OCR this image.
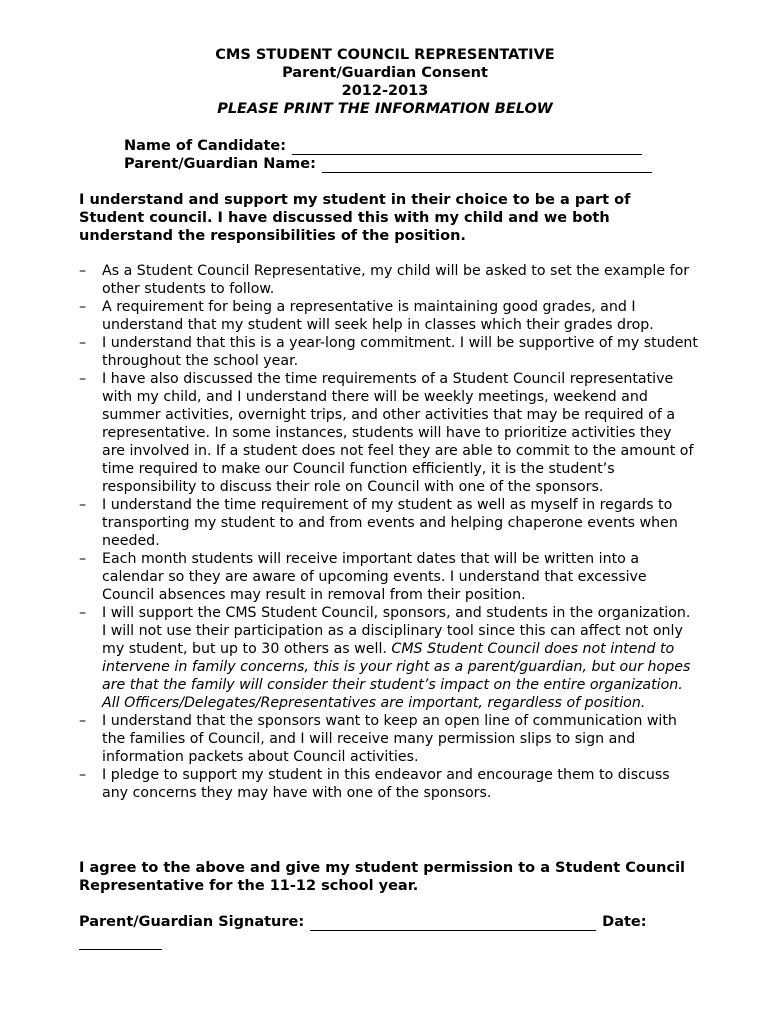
CMS STUDENT COUNCIL REPRESENTATIVE
Parent/Guardian Consent
2012-2013
PLEASE PRINT THE INFORMATION BELOW
Name of Candidate:
Parent/Guardian Name:
I understand and support my student in their choice to be a part of Student council. I have discussed this with my child and we both understand the responsibilities of the position.
– As a Student Council Representative, my child will be asked to set the example for other students to follow.
– A requirement for being a representative is maintaining good grades, and I understand that my student will seek help in classes which their grades drop.
– I understand that this is a year-long commitment. I will be supportive of my student throughout the school year.
– I have also discussed the time requirements of a Student Council representative with my child, and I understand there will be weekly meetings, weekend and summer activities, overnight trips, and other activities that may be required of a representative. In some instances, students will have to prioritize activities they are involved in. If a student does not feel they are able to commit to the amount of time required to make our Council function efficiently, it is the student’s responsibility to discuss their role on Council with one of the sponsors.
– I understand the time requirement of my student as well as myself in regards to transporting my student to and from events and helping chaperone events when needed.
– Each month students will receive important dates that will be written into a calendar so they are aware of upcoming events. I understand that excessive Council absences may result in removal from their position.
– I will support the CMS Student Council, sponsors, and students in the organization. I will not use their participation as a disciplinary tool since this can affect not only my student, but up to 30 others as well. CMS Student Council does not intend to intervene in family concerns, this is your right as a parent/guardian, but our hopes are that the family will consider their student’s impact on the entire organization. All Officers/Delegates/Representatives are important, regardless of position.
– I understand that the sponsors want to keep an open line of communication with the families of Council, and I will receive many permission slips to sign and information packets about Council activities.
– I pledge to support my student in this endeavor and encourage them to discuss any concerns they may have with one of the sponsors.
I agree to the above and give my student permission to a Student Council Representative for the 11-12 school year.
Parent/Guardian Signature:	Date:
